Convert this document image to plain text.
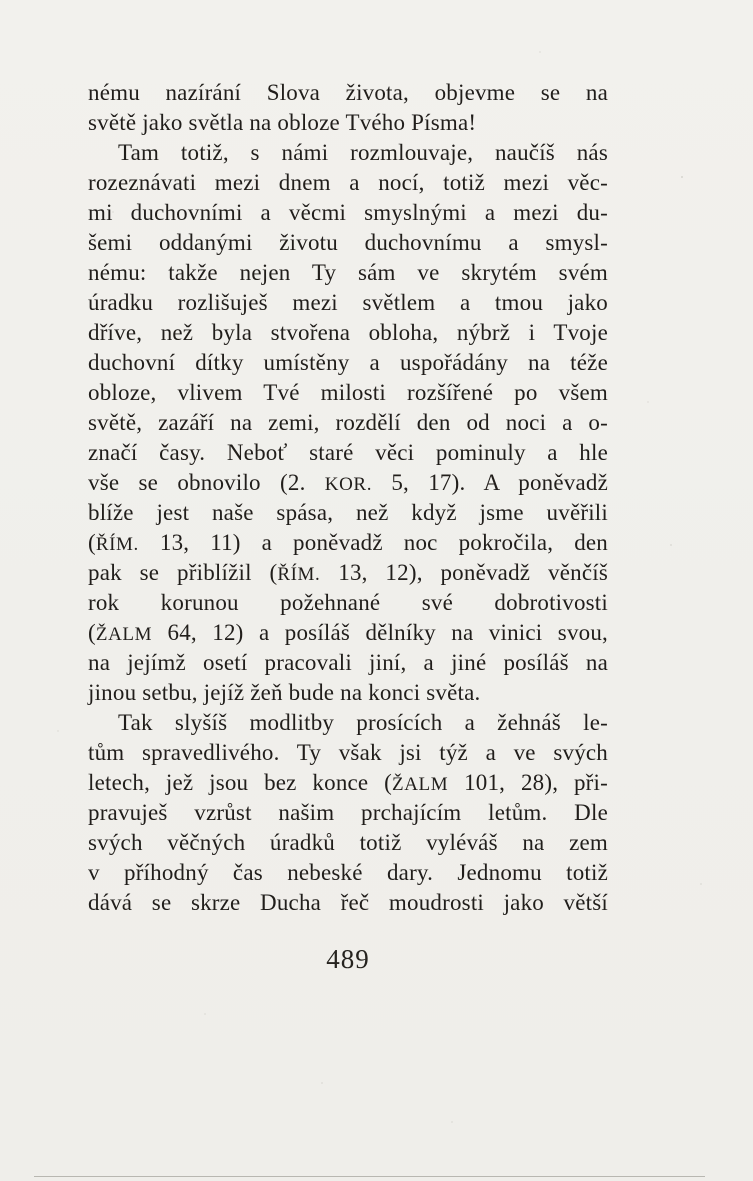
nému nazírání Slova života, objevme se na
světě jako světla na obloze Tvého Písma!
Tam totiž, s námi rozmlouvaje, naučíš nás
rozeznávati mezi dnem a nocí, totiž mezi věc-
mi duchovními a věcmi smyslnými a mezi du-
šemi oddanými životu duchovnímu a smysl-
nému: takže nejen Ty sám ve skrytém svém
úradku rozlišuješ mezi světlem a tmou jako
dříve, než byla stvořena obloha, nýbrž i Tvoje
duchovní dítky umístěny a uspořádány na téže
obloze, vlivem Tvé milosti rozšířené po všem
světě, zazáří na zemi, rozdělí den od noci a o-
značí časy. Neboť staré věci pominuly a hle
vše se obnovilo (2. KOR. 5, 17). A poněvadž
blíže jest naše spása, než když jsme uvěřili
(ŘÍM. 13, 11) a poněvadž noc pokročila, den
pak se přiblížil (ŘÍM. 13, 12), poněvadž věnčíš
rok korunou požehnané své dobrotivosti
(ŽALM 64, 12) a posíláš dělníky na vinici svou,
na jejímž osetí pracovali jiní, a jiné posíláš na
jinou setbu, jejíž žeň bude na konci světa.
Tak slyšíš modlitby prosících a žehnáš le-
tům spravedlivého. Ty však jsi týž a ve svých
letech, jež jsou bez konce (ŽALM 101, 28), při-
pravuješ vzrůst našim prchajícím letům. Dle
svých věčných úradků totiž vyléváš na zem
v příhodný čas nebeské dary. Jednomu totiž
dává se skrze Ducha řeč moudrosti jako větší
489
